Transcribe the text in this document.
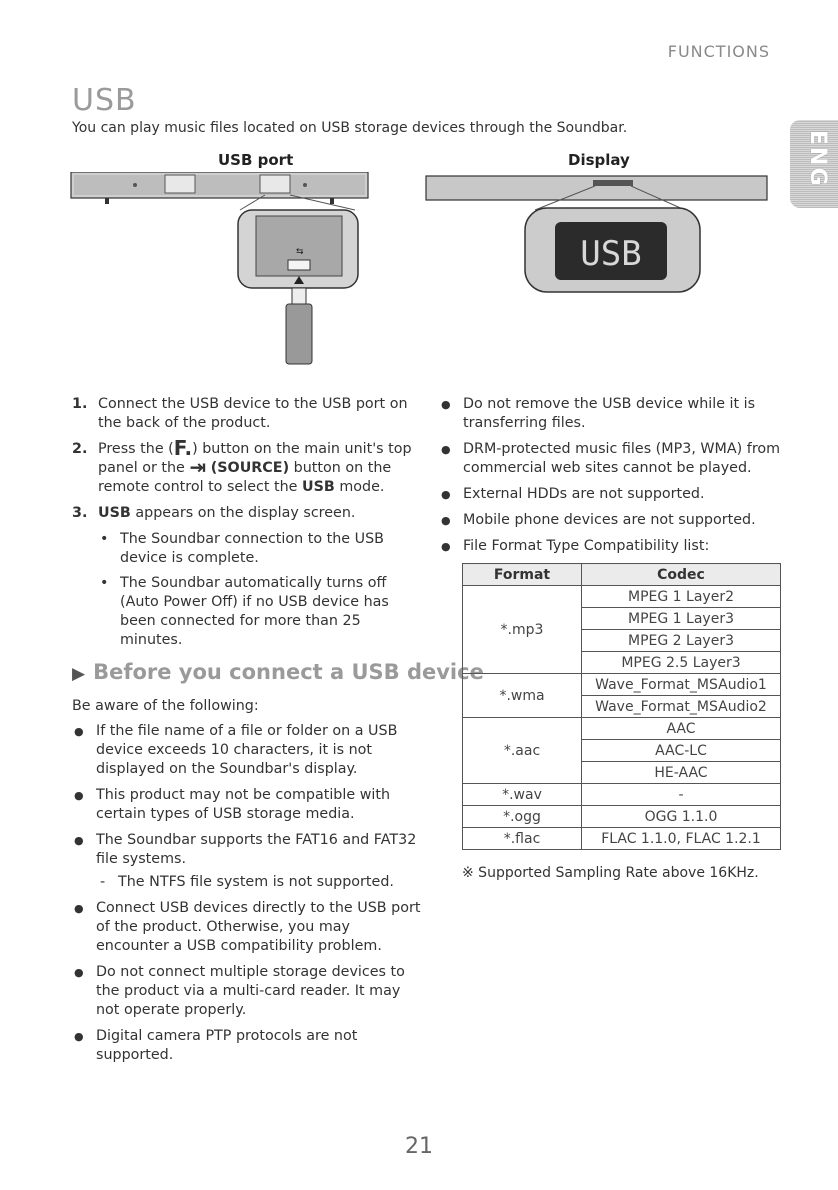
FUNCTIONS
ENG
USB
You can play music files located on USB storage devices through the Soundbar.
USB port	Display
⇆	USB
1. Connect the USB device to the USB port on the back of the product.
2. Press the (F.) button on the main unit's top panel or the ⇥ (SOURCE) button on the remote control to select the USB mode.
3. USB appears on the display screen.
• The Soundbar connection to the USB device is complete.
• The Soundbar automatically turns off (Auto Power Off) if no USB device has been connected for more than 25 minutes.
▶ Before you connect a USB device
Be aware of the following:
● If the file name of a file or folder on a USB device exceeds 10 characters, it is not displayed on the Soundbar's display.
● This product may not be compatible with certain types of USB storage media.
● The Soundbar supports the FAT16 and FAT32 file systems.
- The NTFS file system is not supported.
● Connect USB devices directly to the USB port of the product. Otherwise, you may encounter a USB compatibility problem.
● Do not connect multiple storage devices to the product via a multi-card reader. It may not operate properly.
● Digital camera PTP protocols are not supported.
● Do not remove the USB device while it is transferring files.
● DRM-protected music files (MP3, WMA) from commercial web sites cannot be played.
● External HDDs are not supported.
● Mobile phone devices are not supported.
● File Format Type Compatibility list:
Format	Codec
*.mp3	MPEG 1 Layer2
	MPEG 1 Layer3
	MPEG 2 Layer3
	MPEG 2.5 Layer3
*.wma	Wave_Format_MSAudio1
	Wave_Format_MSAudio2
*.aac	AAC
	AAC-LC
	HE-AAC
*.wav	-
*.ogg	OGG 1.1.0
*.flac	FLAC 1.1.0, FLAC 1.2.1
※ Supported Sampling Rate above 16KHz.
21
